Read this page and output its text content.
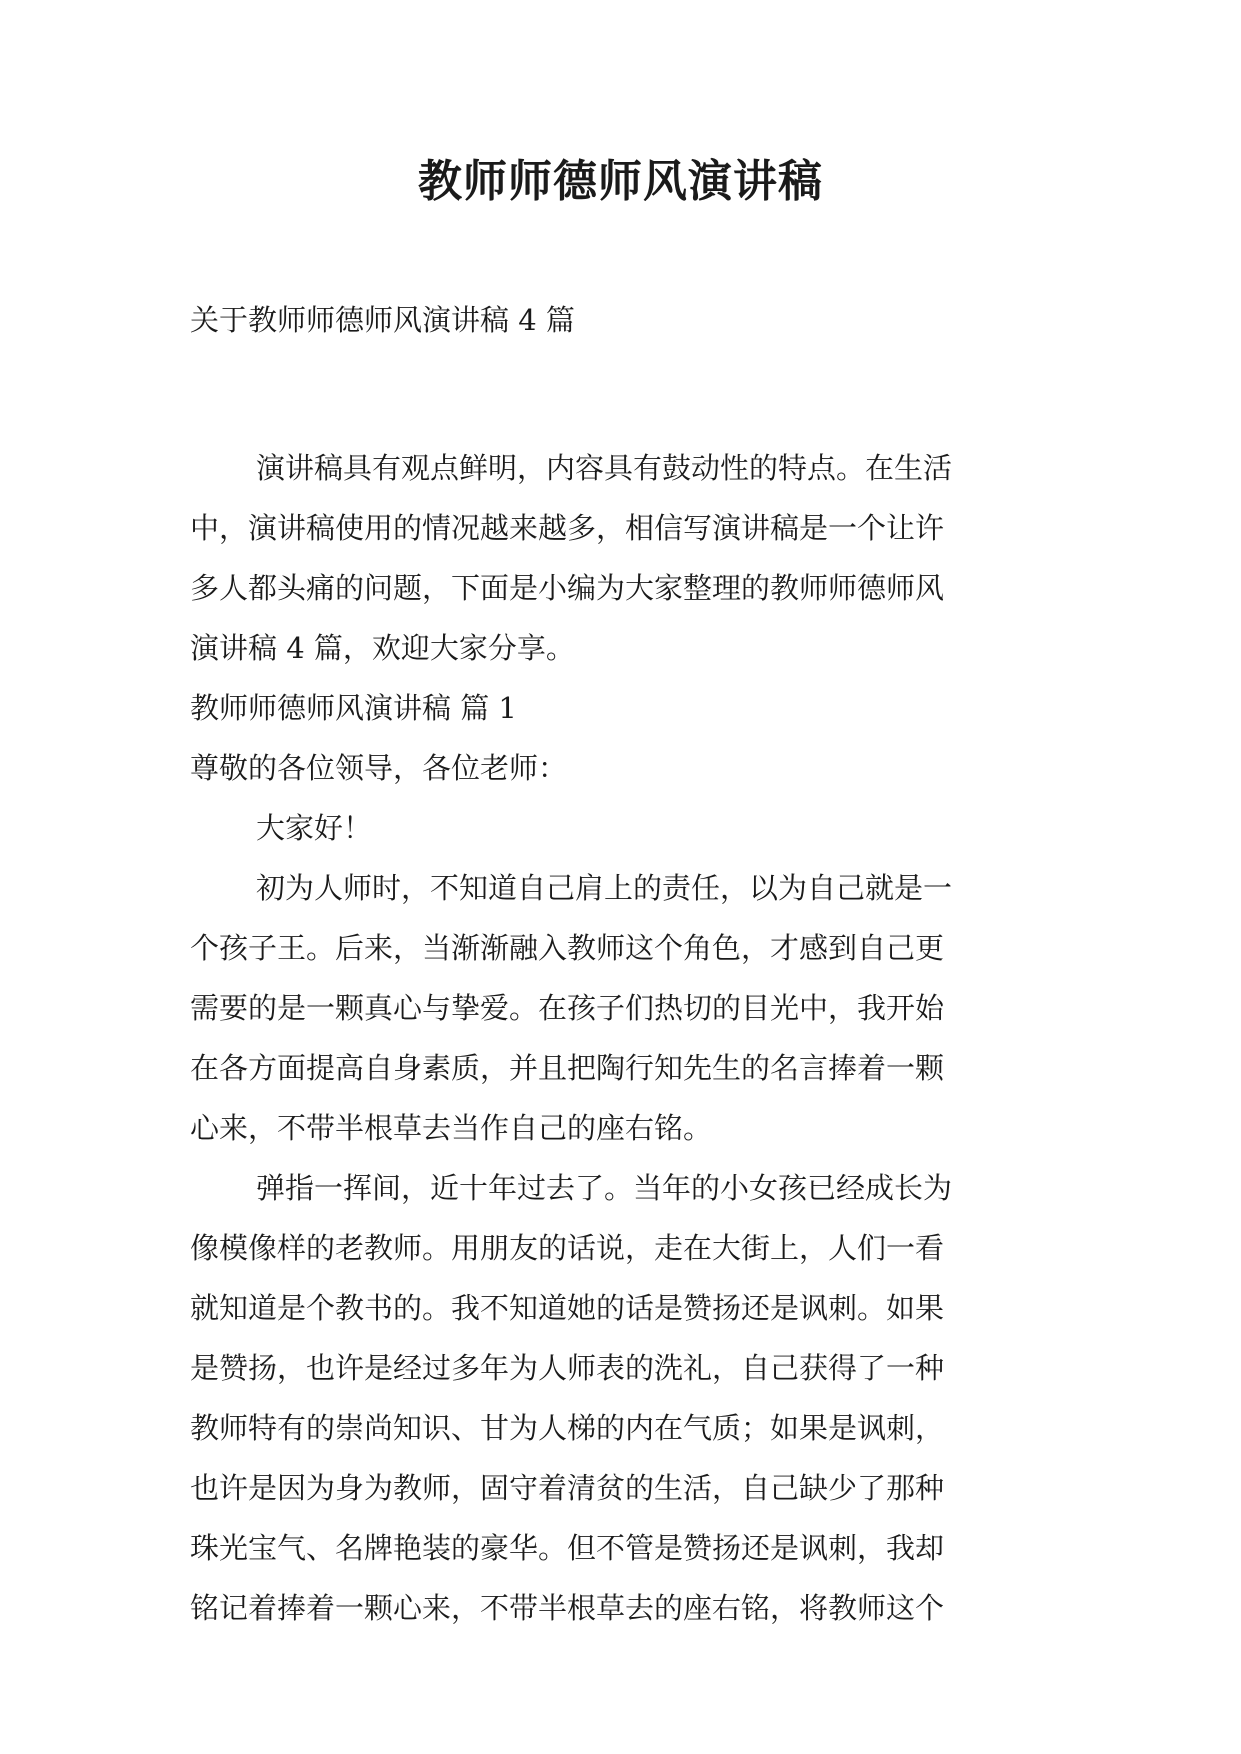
教师师德师风演讲稿

关于教师师德师风演讲稿 4 篇

演讲稿具有观点鲜明，内容具有鼓动性的特点。在生活

中，演讲稿使用的情况越来越多，相信写演讲稿是一个让许

多人都头痛的问题，下面是小编为大家整理的教师师德师风

演讲稿 4 篇，欢迎大家分享。

教师师德师风演讲稿 篇 1

尊敬的各位领导，各位老师：

大家好！

初为人师时，不知道自己肩上的责任，以为自己就是一

个孩子王。后来，当渐渐融入教师这个角色，才感到自己更

需要的是一颗真心与挚爱。在孩子们热切的目光中，我开始

在各方面提高自身素质，并且把陶行知先生的名言捧着一颗

心来，不带半根草去当作自己的座右铭。

弹指一挥间，近十年过去了。当年的小女孩已经成长为

像模像样的老教师。用朋友的话说，走在大街上，人们一看

就知道是个教书的。我不知道她的话是赞扬还是讽刺。如果

是赞扬，也许是经过多年为人师表的洗礼，自己获得了一种

教师特有的崇尚知识、甘为人梯的内在气质；如果是讽刺，

也许是因为身为教师，固守着清贫的生活，自己缺少了那种

珠光宝气、名牌艳装的豪华。但不管是赞扬还是讽刺，我却

铭记着捧着一颗心来，不带半根草去的座右铭，将教师这个
